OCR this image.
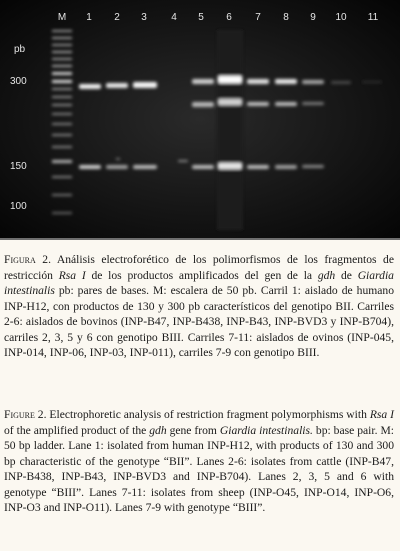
M 1 2 3 4 5 6 7 8 9 10 11
pb
300
150
100
Figura 2. Análisis electroforético de los polimorfismos de los fragmentos de restricción Rsa I de los productos amplificados del gen de la gdh de Giardia intestinalis pb: pares de bases. M: escalera de 50 pb. Carril 1: aislado de humano INP-H12, con productos de 130 y 300 pb característicos del genotipo BII. Carriles 2-6: aislados de bovinos (INP-B47, INP-B438, INP-B43, INP-BVD3 y INP-B704), carriles 2, 3, 5 y 6 con genotipo BIII. Carriles 7-11: aislados de ovinos (INP-045, INP-014, INP-06, INP-03, INP-011), carriles 7-9 con genotipo BIII.
Figure 2. Electrophoretic analysis of restriction fragment polymorphisms with Rsa I of the amplified product of the gdh gene from Giardia intestinalis. bp: base pair. M: 50 bp ladder. Lane 1: isolated from human INP-H12, with products of 130 and 300 bp characteristic of the genotype “BII”. Lanes 2-6: isolates from cattle (INP-B47, INP-B438, INP-B43, INP-BVD3 and INP-B704). Lanes 2, 3, 5 and 6 with genotype “BIII”. Lanes 7-11: isolates from sheep (INP-O45, INP-O14, INP-O6, INP-O3 and INP-O11). Lanes 7-9 with genotype “BIII”.
